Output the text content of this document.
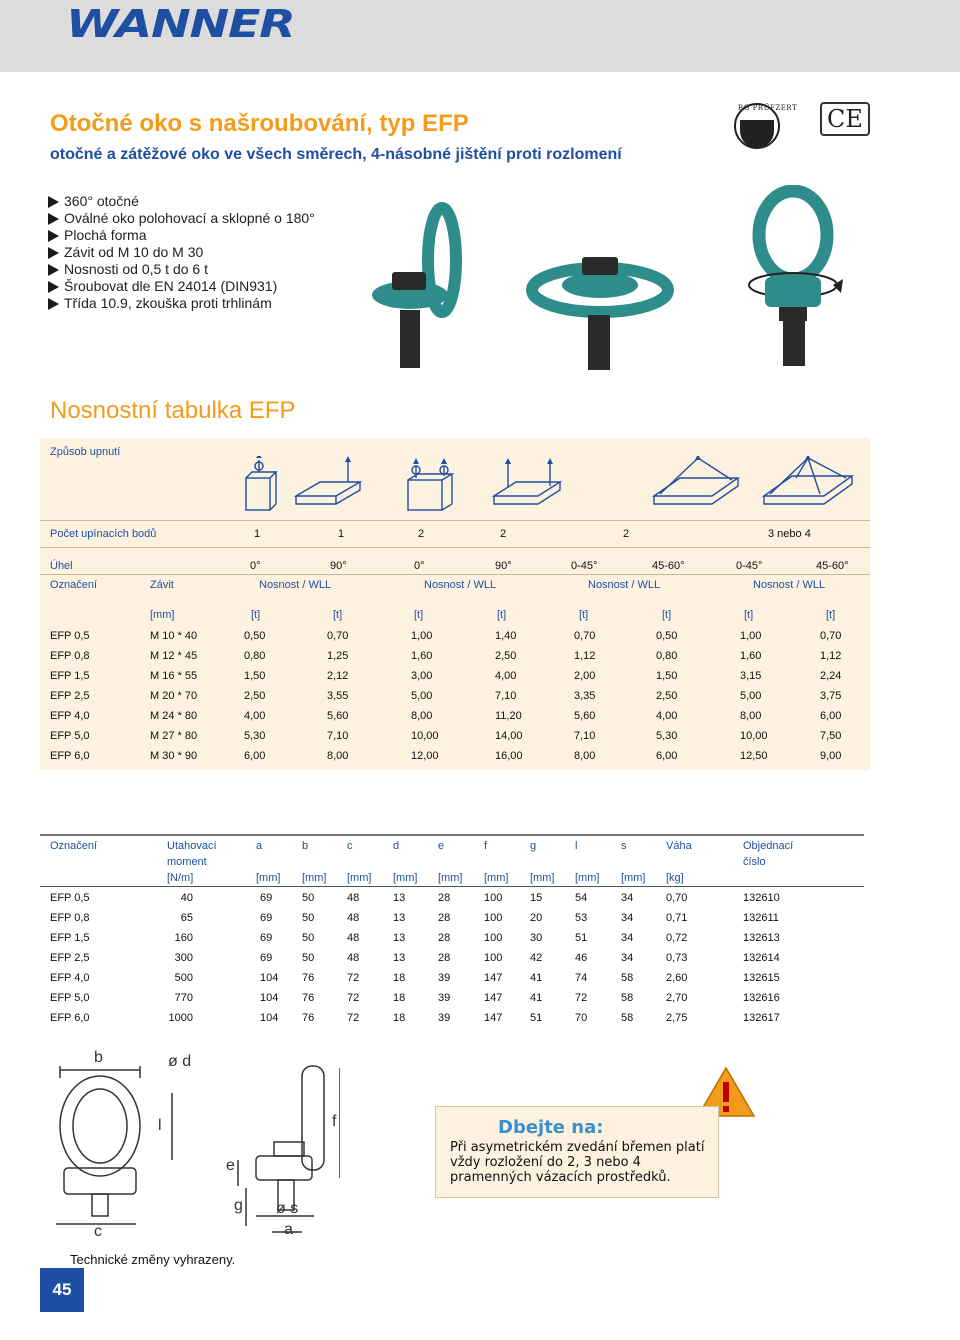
WANNER
Otočné oko s našroubování, typ EFP
otočné a zátěžové oko ve všech směrech, 4-násobné jištění proti rozlomení
BG PRÜFZERT CE
360° otočné
Oválné oko polohovací a sklopné o 180°
Plochá forma
Závit od M 10 do M 30
Nosnosti od 0,5 t do 6 t
Šroubovat dle EN 24014 (DIN931)
Třída 10.9, zkouška proti trhlinám
Nosnostní tabulka EFP
Způsob upnutí
Počet upínacích bodů	1	1	2	2	2	3 nebo 4
Úhel	0°	90°	0°	90°	0-45°	45-60°	0-45°	45-60°
Označení	Závit	Nosnost / WLL	Nosnost / WLL	Nosnost / WLL	Nosnost / WLL
[mm]	[t]	[t]	[t]	[t]	[t]	[t]	[t]	[t]
EFP 0,5	M 10 * 40	0,50	0,70	1,00	1,40	0,70	0,50	1,00	0,70
EFP 0,8	M 12 * 45	0,80	1,25	1,60	2,50	1,12	0,80	1,60	1,12
EFP 1,5	M 16 * 55	1,50	2,12	3,00	4,00	2,00	1,50	3,15	2,24
EFP 2,5	M 20 * 70	2,50	3,55	5,00	7,10	3,35	2,50	5,00	3,75
EFP 4,0	M 24 * 80	4,00	5,60	8,00	11,20	5,60	4,00	8,00	6,00
EFP 5,0	M 27 * 80	5,30	7,10	10,00	14,00	7,10	5,30	10,00	7,50
EFP 6,0	M 30 * 90	6,00	8,00	12,00	16,00	8,00	6,00	12,50	9,00
Označení	Utahovací	a	b	c	d	e	f	g	l	s	Váha	Objednací
moment	číslo
[N/m]	[mm] [mm] [mm] [mm] [mm] [mm] [mm] [mm] [mm] [kg]
EFP 0,5	40	69	50	48	13	28	100	15	54	34	0,70	132610
EFP 0,8	65	69	50	48	13	28	100	20	53	34	0,71	132611
EFP 1,5	160	69	50	48	13	28	100	30	51	34	0,72	132613
EFP 2,5	300	69	50	48	13	28	100	42	46	34	0,73	132614
EFP 4,0	500	104 76	72	18	39	147	41	74	58	2,60	132615
EFP 5,0	770	104 76	72	18	39	147	41	72	58	2,70	132616
EFP 6,0	1000	104 76	72	18	39	147	51	70	58	2,75	132617
b	ø d
l
c
e
g
f
ø s
a
Dbejte na:
Při asymetrickém zvedání břemen platí vždy rozložení do 2, 3 nebo 4 pramenných vázacích prostředků.
Technické změny vyhrazeny.
45
